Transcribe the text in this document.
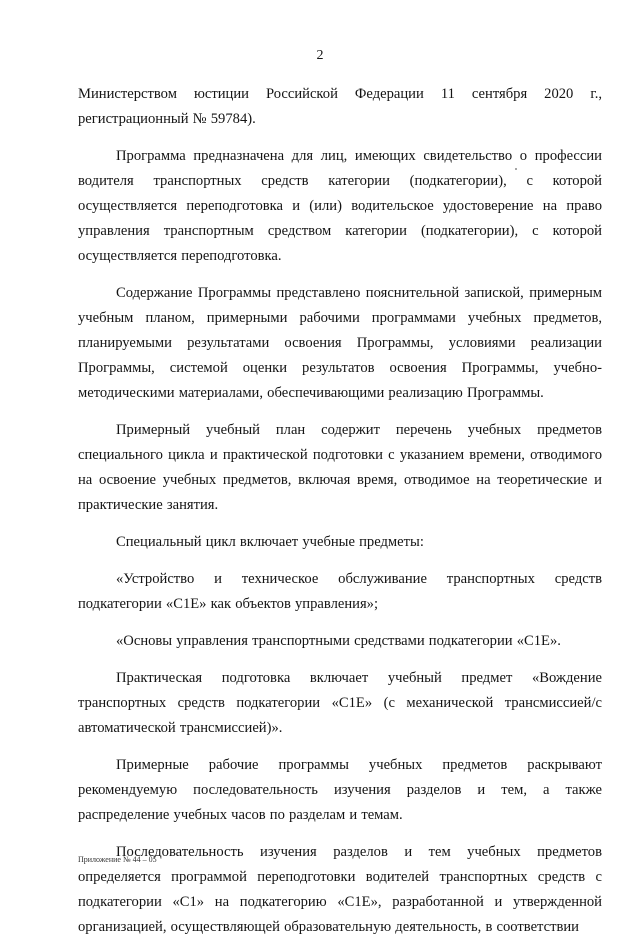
2

Министерством юстиции Российской Федерации 11 сентября 2020 г., регистрационный № 59784).

Программа предназначена для лиц, имеющих свидетельство о профессии водителя транспортных средств категории (подкатегории), с которой осуществляется переподготовка и (или) водительское удостоверение на право управления транспортным средством категории (подкатегории), с которой осуществляется переподготовка.

Содержание Программы представлено пояснительной запиской, примерным учебным планом, примерными рабочими программами учебных предметов, планируемыми результатами освоения Программы, условиями реализации Программы, системой оценки результатов освоения Программы, учебно-методическими материалами, обеспечивающими реализацию Программы.

Примерный учебный план содержит перечень учебных предметов специального цикла и практической подготовки с указанием времени, отводимого на освоение учебных предметов, включая время, отводимое на теоретические и практические занятия.

Специальный цикл включает учебные предметы:

«Устройство и техническое обслуживание транспортных средств подкатегории «С1Е» как объектов управления»;

«Основы управления транспортными средствами подкатегории «С1Е».

Практическая подготовка включает учебный предмет «Вождение транспортных средств подкатегории «С1Е» (с механической трансмиссией/с автоматической трансмиссией)».

Примерные рабочие программы учебных предметов раскрывают рекомендуемую последовательность изучения разделов и тем, а также распределение учебных часов по разделам и темам.

Последовательность изучения разделов и тем учебных предметов определяется программой переподготовки водителей транспортных средств с подкатегории «С1» на подкатегорию «С1Е», разработанной и утвержденной организацией, осуществляющей образовательную деятельность, в соответствии

Приложение № 44 – 05
